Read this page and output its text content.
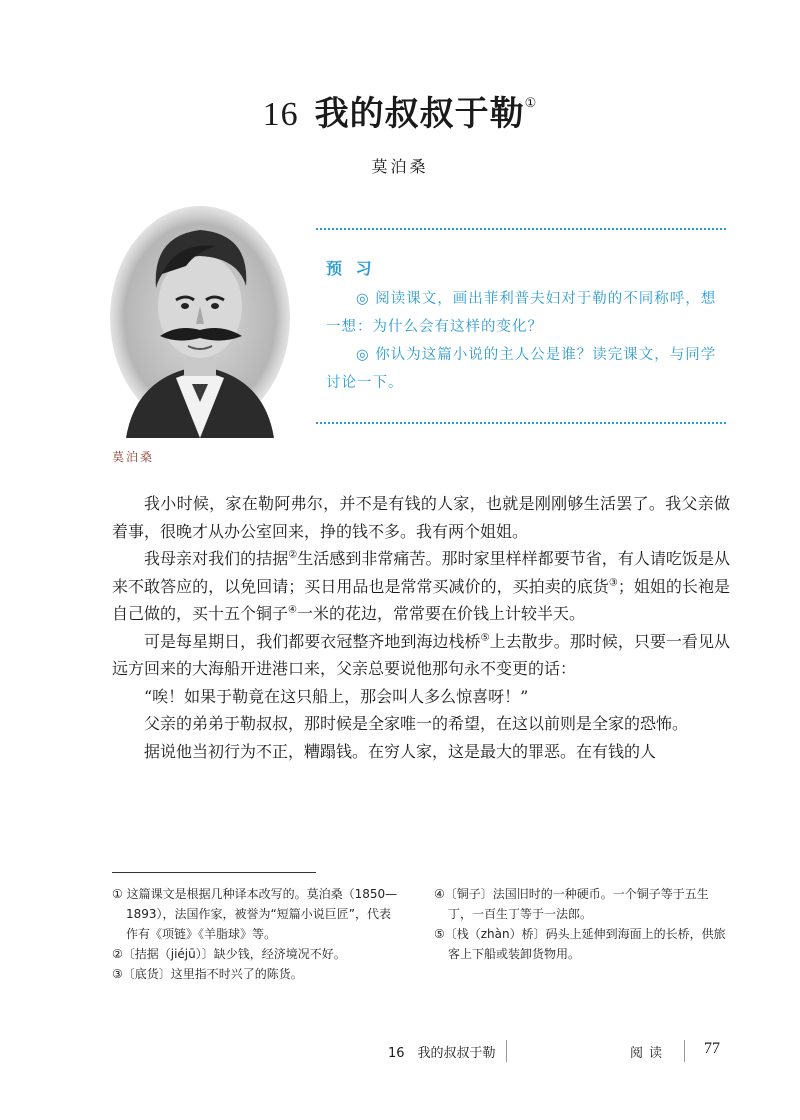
16 我的叔叔于勒①
莫泊桑
莫泊桑
预 习

◎ 阅读课文，画出菲利普夫妇对于勒的不同称呼，想一想：为什么会有这样的变化？

◎ 你认为这篇小说的主人公是谁？读完课文，与同学讨论一下。

我小时候，家在勒阿弗尔，并不是有钱的人家，也就是刚刚够生活罢了。我父亲做着事，很晚才从办公室回来，挣的钱不多。我有两个姐姐。

我母亲对我们的拮据②生活感到非常痛苦。那时家里样样都要节省，有人请吃饭是从来不敢答应的，以免回请；买日用品也是常常买减价的，买拍卖的底货③；姐姐的长袍是自己做的，买十五个铜子④一米的花边，常常要在价钱上计较半天。

可是每星期日，我们都要衣冠整齐地到海边栈桥⑤上去散步。那时候，只要一看见从远方回来的大海船开进港口来，父亲总要说他那句永不变更的话：

“唉！如果于勒竟在这只船上，那会叫人多么惊喜呀！”

父亲的弟弟于勒叔叔，那时候是全家唯一的希望，在这以前则是全家的恐怖。

据说他当初行为不正，糟蹋钱。在穷人家，这是最大的罪恶。在有钱的人

① 这篇课文是根据几种译本改写的。莫泊桑（1850—1893），法国作家，被誉为“短篇小说巨匠”，代表作有《项链》《羊脂球》等。
②〔拮据（jiéjū）〕缺少钱，经济境况不好。
③〔底货〕这里指不时兴了的陈货。
④〔铜子〕法国旧时的一种硬币。一个铜子等于五生丁，一百生丁等于一法郎。
⑤〔栈（zhàn）桥〕码头上延伸到海面上的长桥，供旅客上下船或装卸货物用。
16　我的叔叔于勒	阅读 77
